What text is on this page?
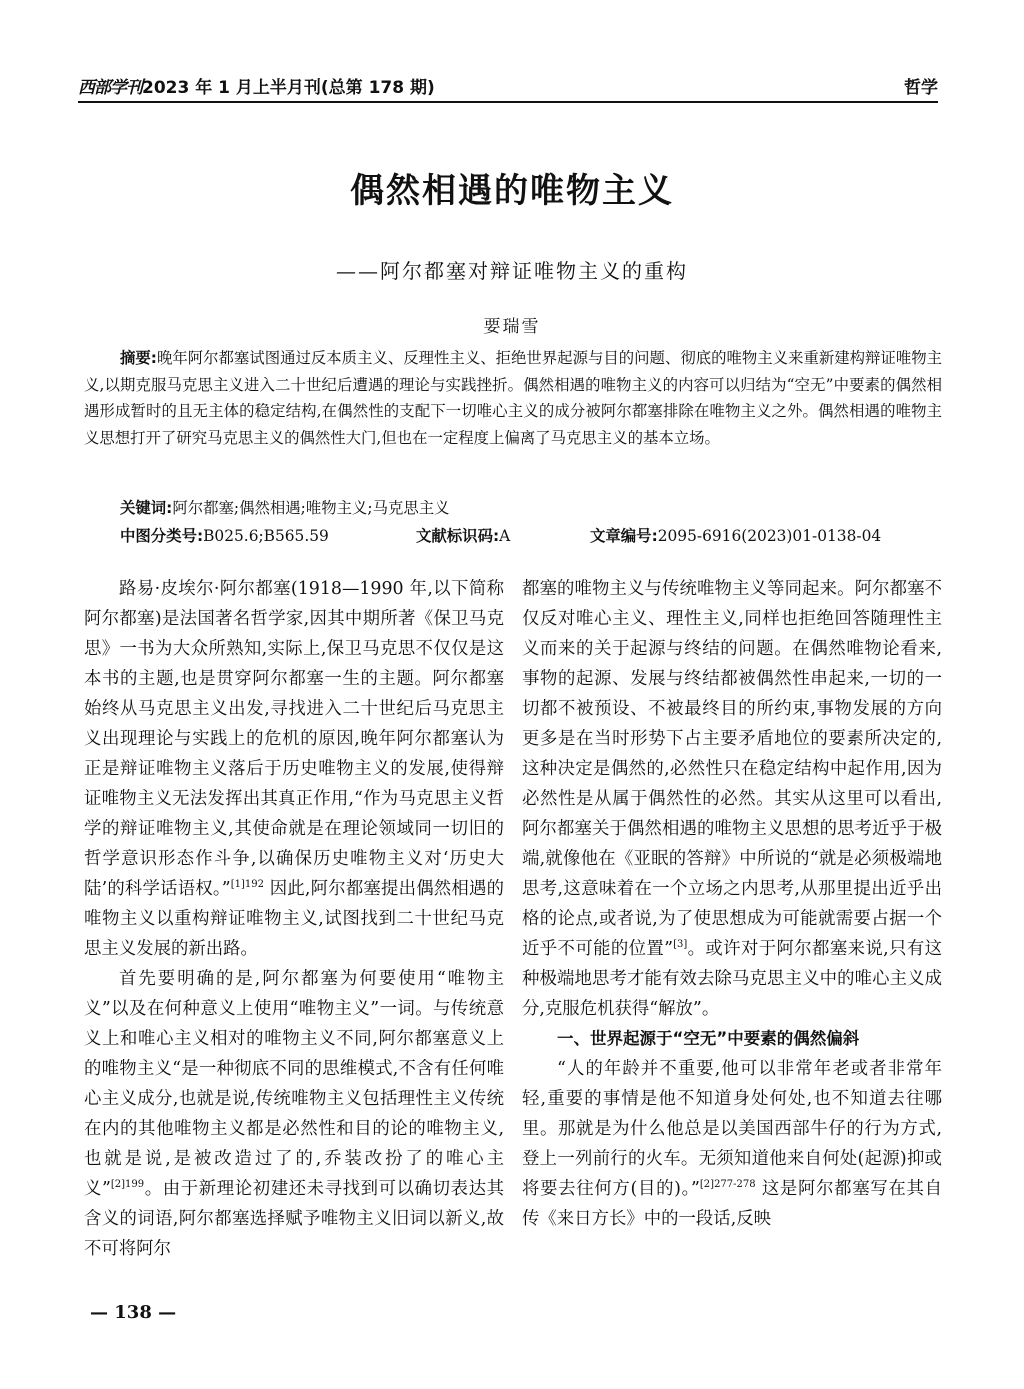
西部学刊 2023 年 1 月上半月刊(总第 178 期)	哲学
偶然相遇的唯物主义
——阿尔都塞对辩证唯物主义的重构
要瑞雪
摘要:晚年阿尔都塞试图通过反本质主义、反理性主义、拒绝世界起源与目的问题、彻底的唯物主义来重新建构辩证唯物主义,以期克服马克思主义进入二十世纪后遭遇的理论与实践挫折。偶然相遇的唯物主义的内容可以归结为“空无”中要素的偶然相遇形成暂时的且无主体的稳定结构,在偶然性的支配下一切唯心主义的成分被阿尔都塞排除在唯物主义之外。偶然相遇的唯物主义思想打开了研究马克思主义的偶然性大门,但也在一定程度上偏离了马克思主义的基本立场。
关键词:阿尔都塞;偶然相遇;唯物主义;马克思主义
中图分类号:B025.6;B565.59	文献标识码:A	文章编号:2095-6916(2023)01-0138-04

路易·皮埃尔·阿尔都塞(1918—1990 年,以下简称阿尔都塞)是法国著名哲学家,因其中期所著《保卫马克思》一书为大众所熟知,实际上,保卫马克思不仅仅是这本书的主题,也是贯穿阿尔都塞一生的主题。阿尔都塞始终从马克思主义出发,寻找进入二十世纪后马克思主义出现理论与实践上的危机的原因,晚年阿尔都塞认为正是辩证唯物主义落后于历史唯物主义的发展,使得辩证唯物主义无法发挥出其真正作用,“作为马克思主义哲学的辩证唯物主义,其使命就是在理论领域同一切旧的哲学意识形态作斗争,以确保历史唯物主义对‘历史大陆’的科学话语权。”$^{[1]192}$ 因此,阿尔都塞提出偶然相遇的唯物主义以重构辩证唯物主义,试图找到二十世纪马克思主义发展的新出路。

首先要明确的是,阿尔都塞为何要使用“唯物主义”以及在何种意义上使用“唯物主义”一词。与传统意义上和唯心主义相对的唯物主义不同,阿尔都塞意义上的唯物主义“是一种彻底不同的思维模式,不含有任何唯心主义成分,也就是说,传统唯物主义包括理性主义传统在内的其他唯物主义都是必然性和目的论的唯物主义,也就是说,是被改造过了的,乔装改扮了的唯心主义”$^{[2]199}$。由于新理论初建还未寻找到可以确切表达其含义的词语,阿尔都塞选择赋予唯物主义旧词以新义,故不可将阿尔

都塞的唯物主义与传统唯物主义等同起来。阿尔都塞不仅反对唯心主义、理性主义,同样也拒绝回答随理性主义而来的关于起源与终结的问题。在偶然唯物论看来,事物的起源、发展与终结都被偶然性串起来,一切的一切都不被预设、不被最终目的所约束,事物发展的方向更多是在当时形势下占主要矛盾地位的要素所决定的,这种决定是偶然的,必然性只在稳定结构中起作用,因为必然性是从属于偶然性的必然。其实从这里可以看出,阿尔都塞关于偶然相遇的唯物主义思想的思考近乎于极端,就像他在《亚眠的答辩》中所说的“就是必须极端地思考,这意味着在一个立场之内思考,从那里提出近乎出格的论点,或者说,为了使思想成为可能就需要占据一个近乎不可能的位置”[3]。或许对于阿尔都塞来说,只有这种极端地思考才能有效去除马克思主义中的唯心主义成分,克服危机获得“解放”。

一、世界起源于“空无”中要素的偶然偏斜

“人的年龄并不重要,他可以非常年老或者非常年轻,重要的事情是他不知道身处何处,也不知道去往哪里。那就是为什么他总是以美国西部牛仔的行为方式,登上一列前行的火车。无须知道他来自何处(起源)抑或将要去往何方(目的)。”$^{[2]277-278}$ 这是阿尔都塞写在其自传《来日方长》中的一段话,反映

— 138 —
